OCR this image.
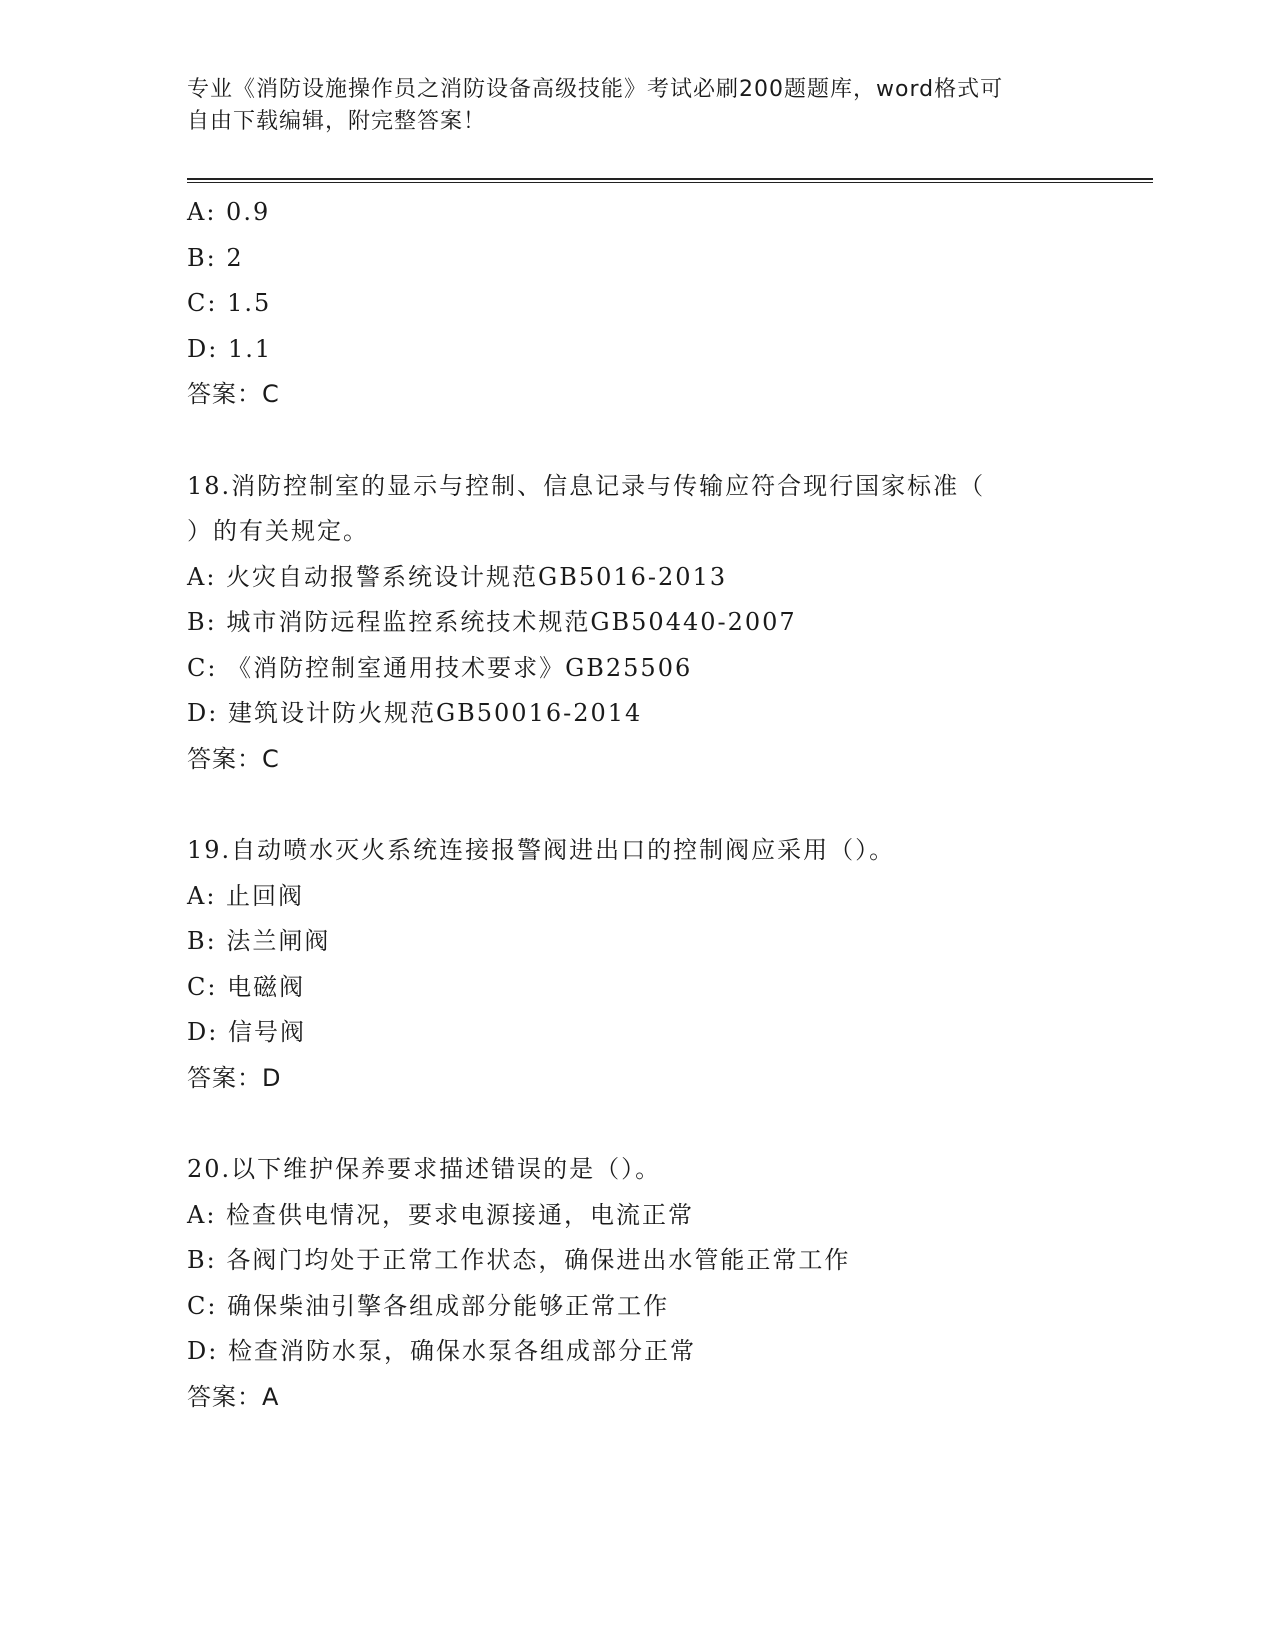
专业《消防设施操作员之消防设备高级技能》考试必刷200题题库，word格式可
自由下载编辑，附完整答案！
A: 0.9
B: 2
C: 1.5
D: 1.1
答案：C
18.消防控制室的显示与控制、信息记录与传输应符合现行国家标准（
）的有关规定。
A: 火灾自动报警系统设计规范GB5016-2013
B: 城市消防远程监控系统技术规范GB50440-2007
C: 《消防控制室通用技术要求》GB25506
D: 建筑设计防火规范GB50016-2014
答案：C
19.自动喷水灭火系统连接报警阀进出口的控制阀应采用（）。
A: 止回阀
B: 法兰闸阀
C: 电磁阀
D: 信号阀
答案：D
20.以下维护保养要求描述错误的是（）。
A: 检查供电情况，要求电源接通，电流正常
B: 各阀门均处于正常工作状态，确保进出水管能正常工作
C: 确保柴油引擎各组成部分能够正常工作
D: 检查消防水泵，确保水泵各组成部分正常
答案：A
